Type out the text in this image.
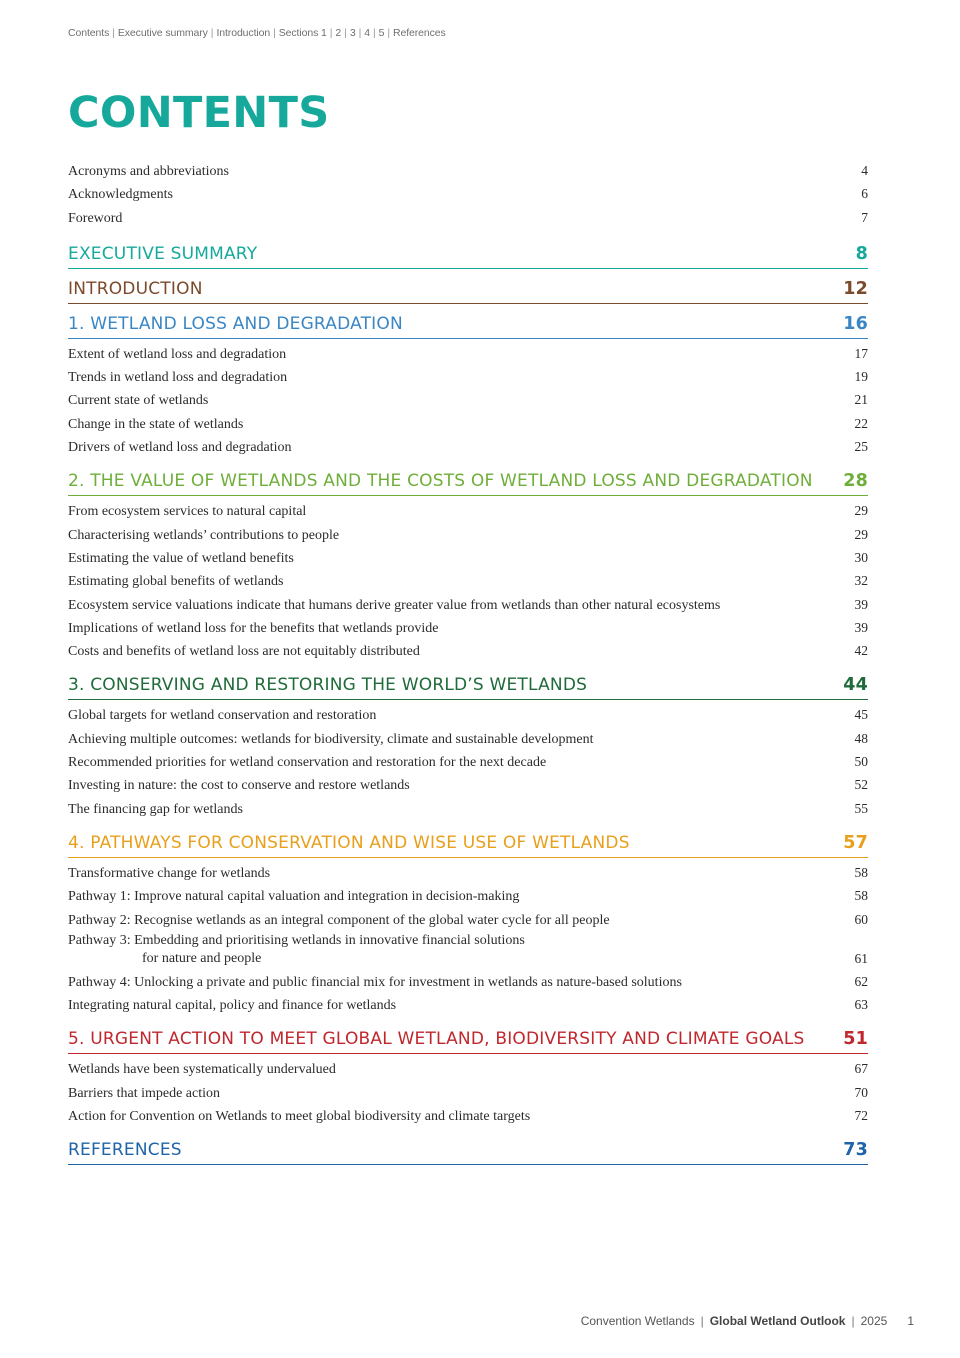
Contents | Executive summary | Introduction | Sections 1 | 2 | 3 | 4 | 5 | References
CONTENTS
Acronyms and abbreviations	4
Acknowledgments	6
Foreword	7
EXECUTIVE SUMMARY	8
INTRODUCTION	12
1. WETLAND LOSS AND DEGRADATION	16
Extent of wetland loss and degradation	17
Trends in wetland loss and degradation	19
Current state of wetlands	21
Change in the state of wetlands	22
Drivers of wetland loss and degradation	25
2. THE VALUE OF WETLANDS AND THE COSTS OF WETLAND LOSS AND DEGRADATION 28
From ecosystem services to natural capital	29
Characterising wetlands’ contributions to people	29
Estimating the value of wetland benefits	30
Estimating global benefits of wetlands	32
Ecosystem service valuations indicate that humans derive greater value from wetlands than other natural ecosystems	39
Implications of wetland loss for the benefits that wetlands provide	39
Costs and benefits of wetland loss are not equitably distributed	42
3. CONSERVING AND RESTORING THE WORLD’S WETLANDS	44
Global targets for wetland conservation and restoration	45
Achieving multiple outcomes: wetlands for biodiversity, climate and sustainable development	48
Recommended priorities for wetland conservation and restoration for the next decade	50
Investing in nature: the cost to conserve and restore wetlands	52
The financing gap for wetlands	55
4. PATHWAYS FOR CONSERVATION AND WISE USE OF WETLANDS	57
Transformative change for wetlands	58
Pathway 1: Improve natural capital valuation and integration in decision-making	58
Pathway 2: Recognise wetlands as an integral component of the global water cycle for all people	60
Pathway 3: Embedding and prioritising wetlands in innovative financial solutions
for nature and people	61
Pathway 4: Unlocking a private and public financial mix for investment in wetlands as nature-based solutions	62
Integrating natural capital, policy and finance for wetlands	63
5. URGENT ACTION TO MEET GLOBAL WETLAND, BIODIVERSITY AND CLIMATE GOALS 51
Wetlands have been systematically undervalued	67
Barriers that impede action	70
Action for Convention on Wetlands to meet global biodiversity and climate targets	72
REFERENCES	73
Convention Wetlands | Global Wetland Outlook | 2025 1
